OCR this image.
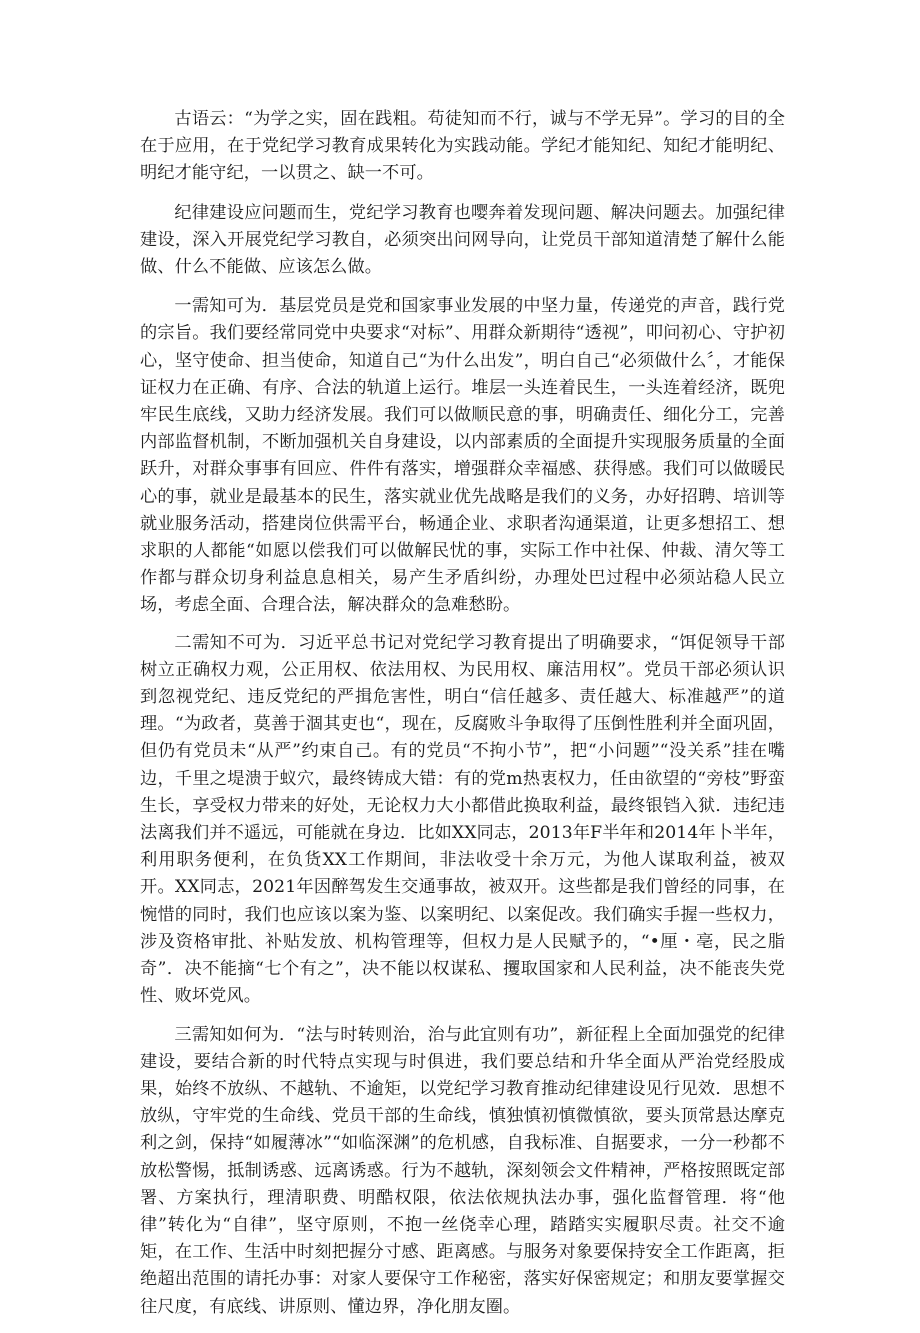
古语云：“为学之实，固在践粗。苟徒知而不行，诚与不学无异”。学习的目的全在于应用，在于党纪学习教育成果转化为实践动能。学纪才能知纪、知纪才能明纪、明纪才能守纪，一以贯之、缺一不可。

纪律建设应问题而生，党纪学习教育也嘤奔着发现问题、解决问题去。加强纪律建设，深入开展党纪学习教自，必须突出问网导向，让党员干部知道清楚了解什么能做、什么不能做、应该怎么做。

一需知可为．基层党员是党和国家事业发展的中坚力量，传递党的声音，践行党的宗旨。我们要经常同党中央要求“对标”、用群众新期待“透视”，叩问初心、守护初心，坚守使命、担当使命，知道自己“为什么出发”，明白自己“必须做什么〞，才能保证权力在正确、有序、合法的轨道上运行。堆层一头连着民生，一头连着经济，既兜牢民生底线，又助力经济发展。我们可以做顺民意的事，明确责任、细化分工，完善内部监督机制，不断加强机关自身建设，以内部素质的全面提升实现服务质量的全面跃升，对群众事事有回应、件件有落实，增强群众幸福感、获得感。我们可以做暖民心的事，就业是最基本的民生，落实就业优先战略是我们的义务，办好招聘、培训等就业服务活动，搭建岗位供需平台，畅通企业、求职者沟通渠道，让更多想招工、想求职的人都能“如愿以偿我们可以做解民忧的事，实际工作中社保、仲裁、清欠等工作都与群众切身利益息息相关，易产生矛盾纠纷，办理处巴过程中必须站稳人民立场，考虑全面、合理合法，解决群众的急难愁盼。

二需知不可为．习近平总书记对党纪学习教育提出了明确要求，“饵促领导干部树立正确权力观，公正用权、依法用权、为民用权、廉洁用权”。党员干部必须认识到忽视党纪、违反党纪的严揖危害性，明白“信任越多、责任越大、标准越严”的道理。“为政者，莫善于涸其吏也“，现在，反腐败斗争取得了压倒性胜利并全面巩固，但仍有党员未“从严”约束自己。有的党员“不拘小节”，把“小问题”“没关系”挂在嘴边，千里之堤溃于蚁穴，最终铸成大错：有的党m热衷权力，任由欲望的“旁枝”野蛮生长，享受权力带来的好处，无论权力大小都借此换取利益，最终银铛入狱．违纪违法离我们并不遥远，可能就在身边．比如XX同志，2013年F半年和2014年卜半年，利用职务便利，在负货XX工作期间，非法收受十余万元，为他人谋取利益，被双开。XX同志，2021年因醉驾发生交通事故，被双开。这些都是我们曾经的同事，在惋惜的同时，我们也应该以案为鉴、以案明纪、以案促改。我们确实手握一些权力，涉及资格审批、补贴发放、机构管理等，但权力是人民赋予的，“•厘・亳，民之脂奇”．决不能摘“七个有之”，决不能以权谋私、攫取国家和人民利益，决不能丧失党性、败坏党风。

三需知如何为．“法与时转则治，治与此宜则有功”，新征程上全面加强党的纪律建设，要结合新的时代特点实现与时俱进，我们要总结和升华全面从严治党经股成果，始终不放纵、不越轨、不逾矩，以党纪学习教育推动纪律建设见行见效．思想不放纵，守牢党的生命线、党员干部的生命线，慎独慎初慎微慎欲，要头顶常悬达摩克利之剑，保持“如履薄冰”“如临深渊”的危机感，自我标准、自据要求，一分一秒都不放松警惕，抵制诱惑、远离诱惑。行为不越轨，深刻领会文件精神，严格按照既定部署、方案执行，理清职费、明酷权限，依法依规执法办事，强化监督管理．将“他律”转化为“自律”，坚守原则，不抱一丝侥幸心理，踏踏实实履职尽责。社交不逾矩，在工作、生活中时刻把握分寸感、距离感。与服务对象要保持安全工作距离，拒绝超出范围的请托办事：对家人要保守工作秘密，落实好保密规定；和朋友要掌握交往尺度，有底线、讲原则、懂边界，净化朋友圈。
